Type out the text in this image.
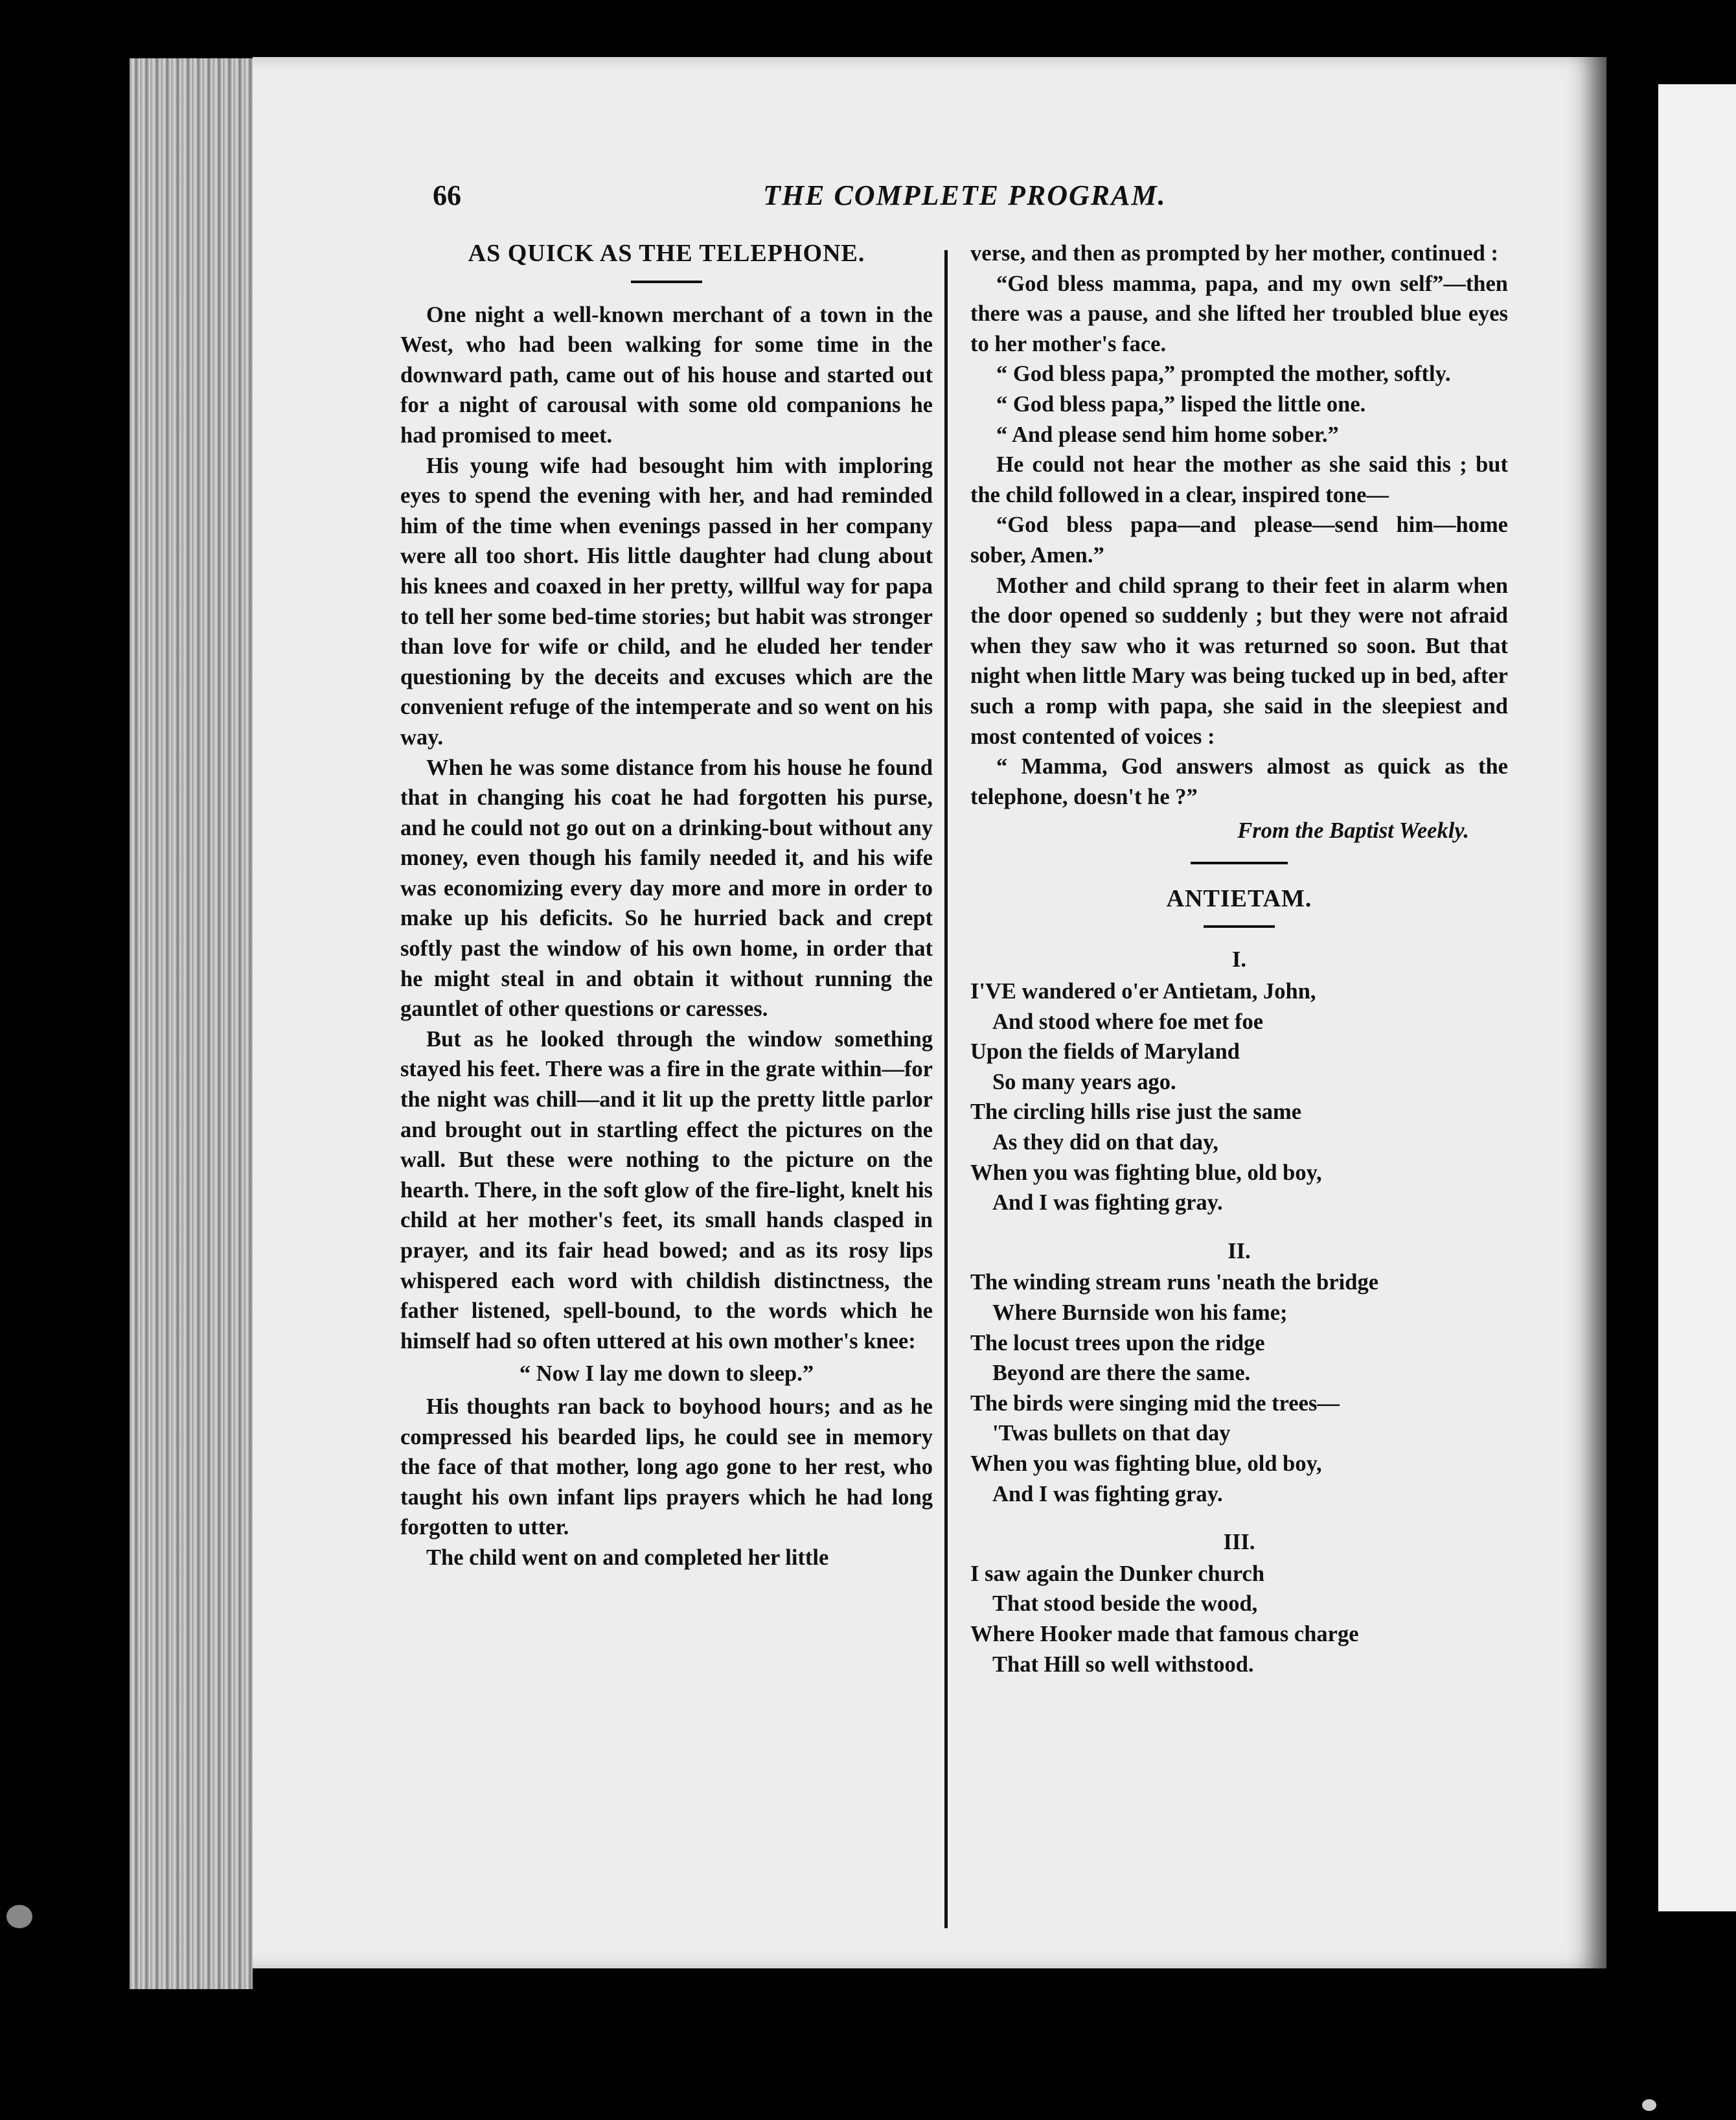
66	THE COMPLETE PROGRAM.
AS QUICK AS THE TELEPHONE.

One night a well-known merchant of a town in the West, who had been walking for some time in the downward path, came out of his house and started out for a night of carousal with some old companions he had promised to meet.

His young wife had besought him with imploring eyes to spend the evening with her, and had reminded him of the time when evenings passed in her company were all too short. His little daughter had clung about his knees and coaxed in her pretty, willful way for papa to tell her some bed-time stories; but habit was stronger than love for wife or child, and he eluded her tender questioning by the deceits and excuses which are the convenient refuge of the intemperate and so went on his way.

When he was some distance from his house he found that in changing his coat he had forgotten his purse, and he could not go out on a drinking-bout without any money, even though his family needed it, and his wife was economizing every day more and more in order to make up his deficits. So he hurried back and crept softly past the window of his own home, in order that he might steal in and obtain it without running the gauntlet of other questions or caresses.

But as he looked through the window something stayed his feet. There was a fire in the grate within—for the night was chill—and it lit up the pretty little parlor and brought out in startling effect the pictures on the wall. But these were nothing to the picture on the hearth. There, in the soft glow of the fire-light, knelt his child at her mother's feet, its small hands clasped in prayer, and its fair head bowed; and as its rosy lips whispered each word with childish distinctness, the father listened, spell-bound, to the words which he himself had so often uttered at his own mother's knee:

“ Now I lay me down to sleep.”

His thoughts ran back to boyhood hours; and as he compressed his bearded lips, he could see in memory the face of that mother, long ago gone to her rest, who taught his own infant lips prayers which he had long forgotten to utter.

The child went on and completed her little

verse, and then as prompted by her mother, continued :

“God bless mamma, papa, and my own self”—then there was a pause, and she lifted her troubled blue eyes to her mother's face.

“ God bless papa,” prompted the mother, softly.

“ God bless papa,” lisped the little one.

“ And please send him home sober.”

He could not hear the mother as she said this ; but the child followed in a clear, inspired tone—

“God bless papa—and please—send him—home sober, Amen.”

Mother and child sprang to their feet in alarm when the door opened so suddenly ; but they were not afraid when they saw who it was returned so soon. But that night when little Mary was being tucked up in bed, after such a romp with papa, she said in the sleepiest and most contented of voices :

“ Mamma, God answers almost as quick as the telephone, doesn't he ?”

From the Baptist Weekly.
ANTIETAM.
I.

I'VE wandered o'er Antietam, John,

And stood where foe met foe

Upon the fields of Maryland

So many years ago.

The circling hills rise just the same

As they did on that day,

When you was fighting blue, old boy,

And I was fighting gray.

II.

The winding stream runs 'neath the bridge

Where Burnside won his fame;

The locust trees upon the ridge

Beyond are there the same.

The birds were singing mid the trees—

'Twas bullets on that day

When you was fighting blue, old boy,

And I was fighting gray.

III.

I saw again the Dunker church

That stood beside the wood,

Where Hooker made that famous charge

That Hill so well withstood.
